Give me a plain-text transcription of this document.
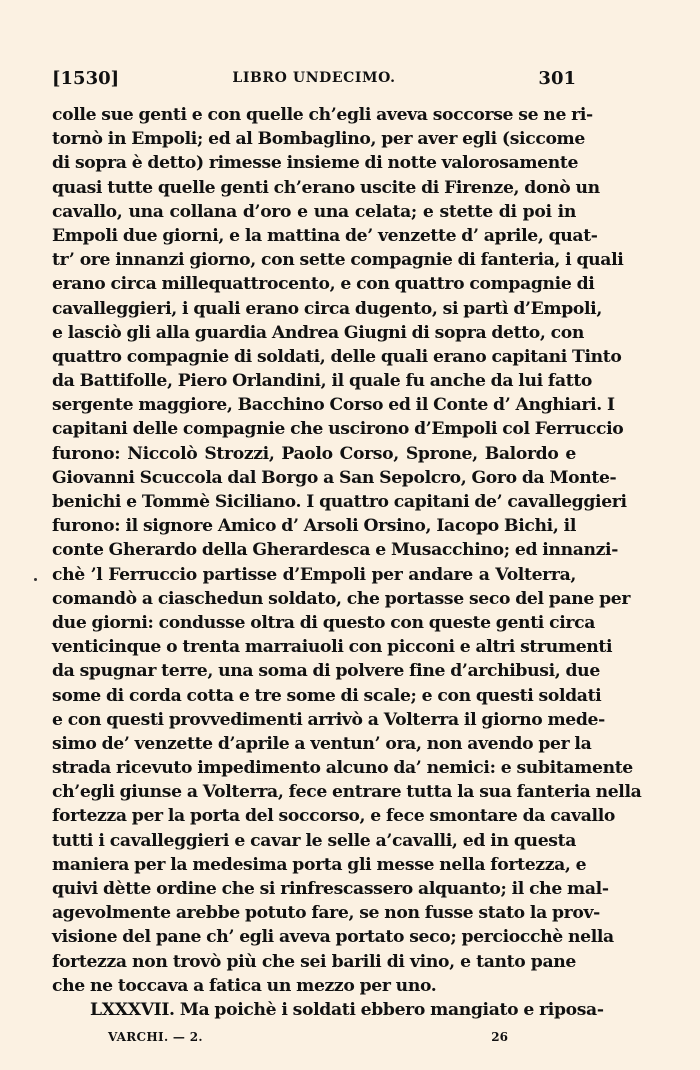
[1530]	LIBRO UNDECIMO.	301
colle sue genti e con quelle ch’egli aveva soccorse se ne ri-
tornò in Empoli; ed al Bombaglino, per aver egli (siccome
di sopra è detto) rimesse insieme di notte valorosamente
quasi tutte quelle genti ch’erano uscite di Firenze, donò un
cavallo, una collana d’oro e una celata; e stette di poi in
Empoli due giorni, e la mattina de’ venzette d’ aprile, quat-
tr’ ore innanzi giorno, con sette compagnie di fanteria, i quali
erano circa millequattrocento, e con quattro compagnie di
cavalleggieri, i quali erano circa dugento, si partì d’Empoli,
e lasciò gli alla guardia Andrea Giugni di sopra detto, con
quattro compagnie di soldati, delle quali erano capitani Tinto
da Battifolle, Piero Orlandini, il quale fu anche da lui fatto
sergente maggiore, Bacchino Corso ed il Conte d’ Anghiari. I
capitani delle compagnie che uscirono d’Empoli col Ferruccio
furono: Niccolò Strozzi, Paolo Corso, Sprone, Balordo e
Giovanni Scuccola dal Borgo a San Sepolcro, Goro da Monte-
benichi e Tommè Siciliano. I quattro capitani de’ cavalleggieri
furono: il signore Amico d’ Arsoli Orsino, Iacopo Bichi, il
conte Gherardo della Gherardesca e Musacchino; ed innanzi-
chè ’l Ferruccio partisse d’Empoli per andare a Volterra,
comandò a ciaschedun soldato, che portasse seco del pane per
due giorni: condusse oltra di questo con queste genti circa
venticinque o trenta marraiuoli con picconi e altri strumenti
da spugnar terre, una soma di polvere fine d’archibusi, due
some di corda cotta e tre some di scale; e con questi soldati
e con questi provvedimenti arrivò a Volterra il giorno mede-
simo de’ venzette d’aprile a ventun’ ora, non avendo per la
strada ricevuto impedimento alcuno da’ nemici: e subitamente
ch’egli giunse a Volterra, fece entrare tutta la sua fanteria nella
fortezza per la porta del soccorso, e fece smontare da cavallo
tutti i cavalleggieri e cavar le selle a’cavalli, ed in questa
maniera per la medesima porta gli messe nella fortezza, e
quivi dètte ordine che si rinfrescassero alquanto; il che mal-
agevolmente arebbe potuto fare, se non fusse stato la prov-
visione del pane ch’ egli aveva portato seco; perciocchè nella
fortezza non trovò più che sei barili di vino, e tanto pane
che ne toccava a fatica un mezzo per uno.
LXXXVII. Ma poichè i soldati ebbero mangiato e riposa-
VARCHI. — 2.	26
